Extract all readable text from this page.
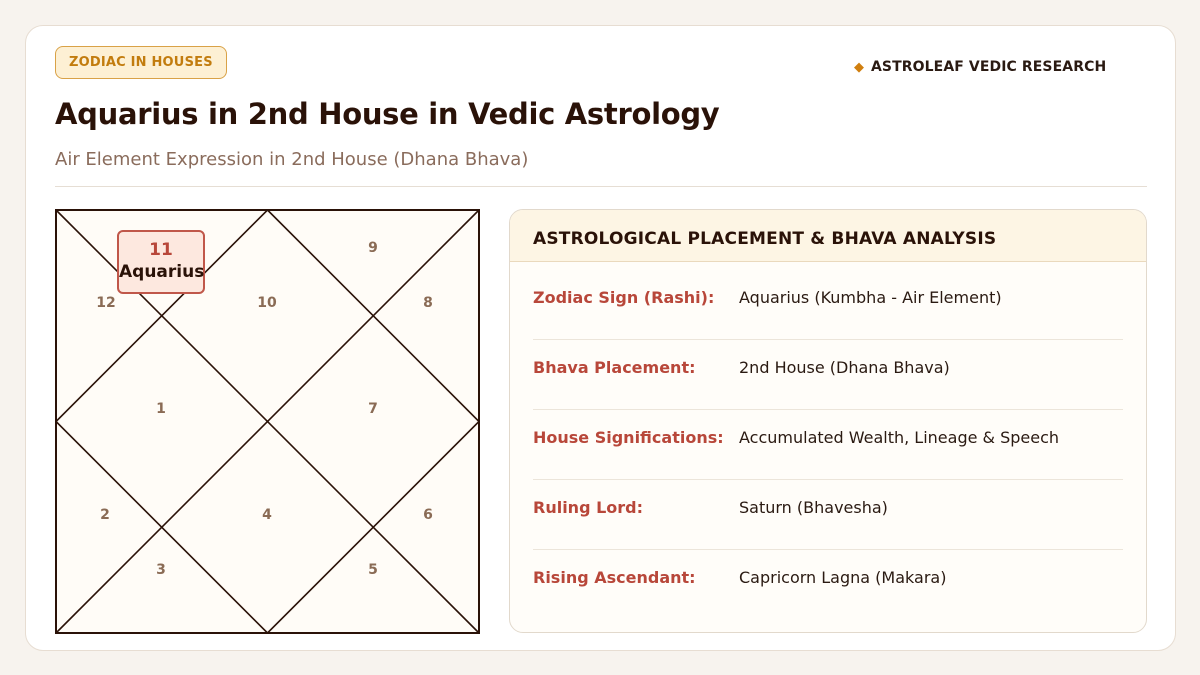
ZODIAC IN HOUSES	◆ ASTROLEAF VEDIC RESEARCH
Aquarius in 2nd House in Vedic Astrology
Air Element Expression in 2nd House (Dhana Bhava)
12	10
9
8
1	7
2	4	6
3	5
11
Aquarius
ASTROLOGICAL PLACEMENT & BHAVA ANALYSIS
Zodiac Sign (Rashi): Aquarius (Kumbha - Air Element)
Bhava Placement:	2nd House (Dhana Bhava)
House Significations: Accumulated Wealth, Lineage & Speech
Ruling Lord:	Saturn (Bhavesha)
Rising Ascendant:	Capricorn Lagna (Makara)
